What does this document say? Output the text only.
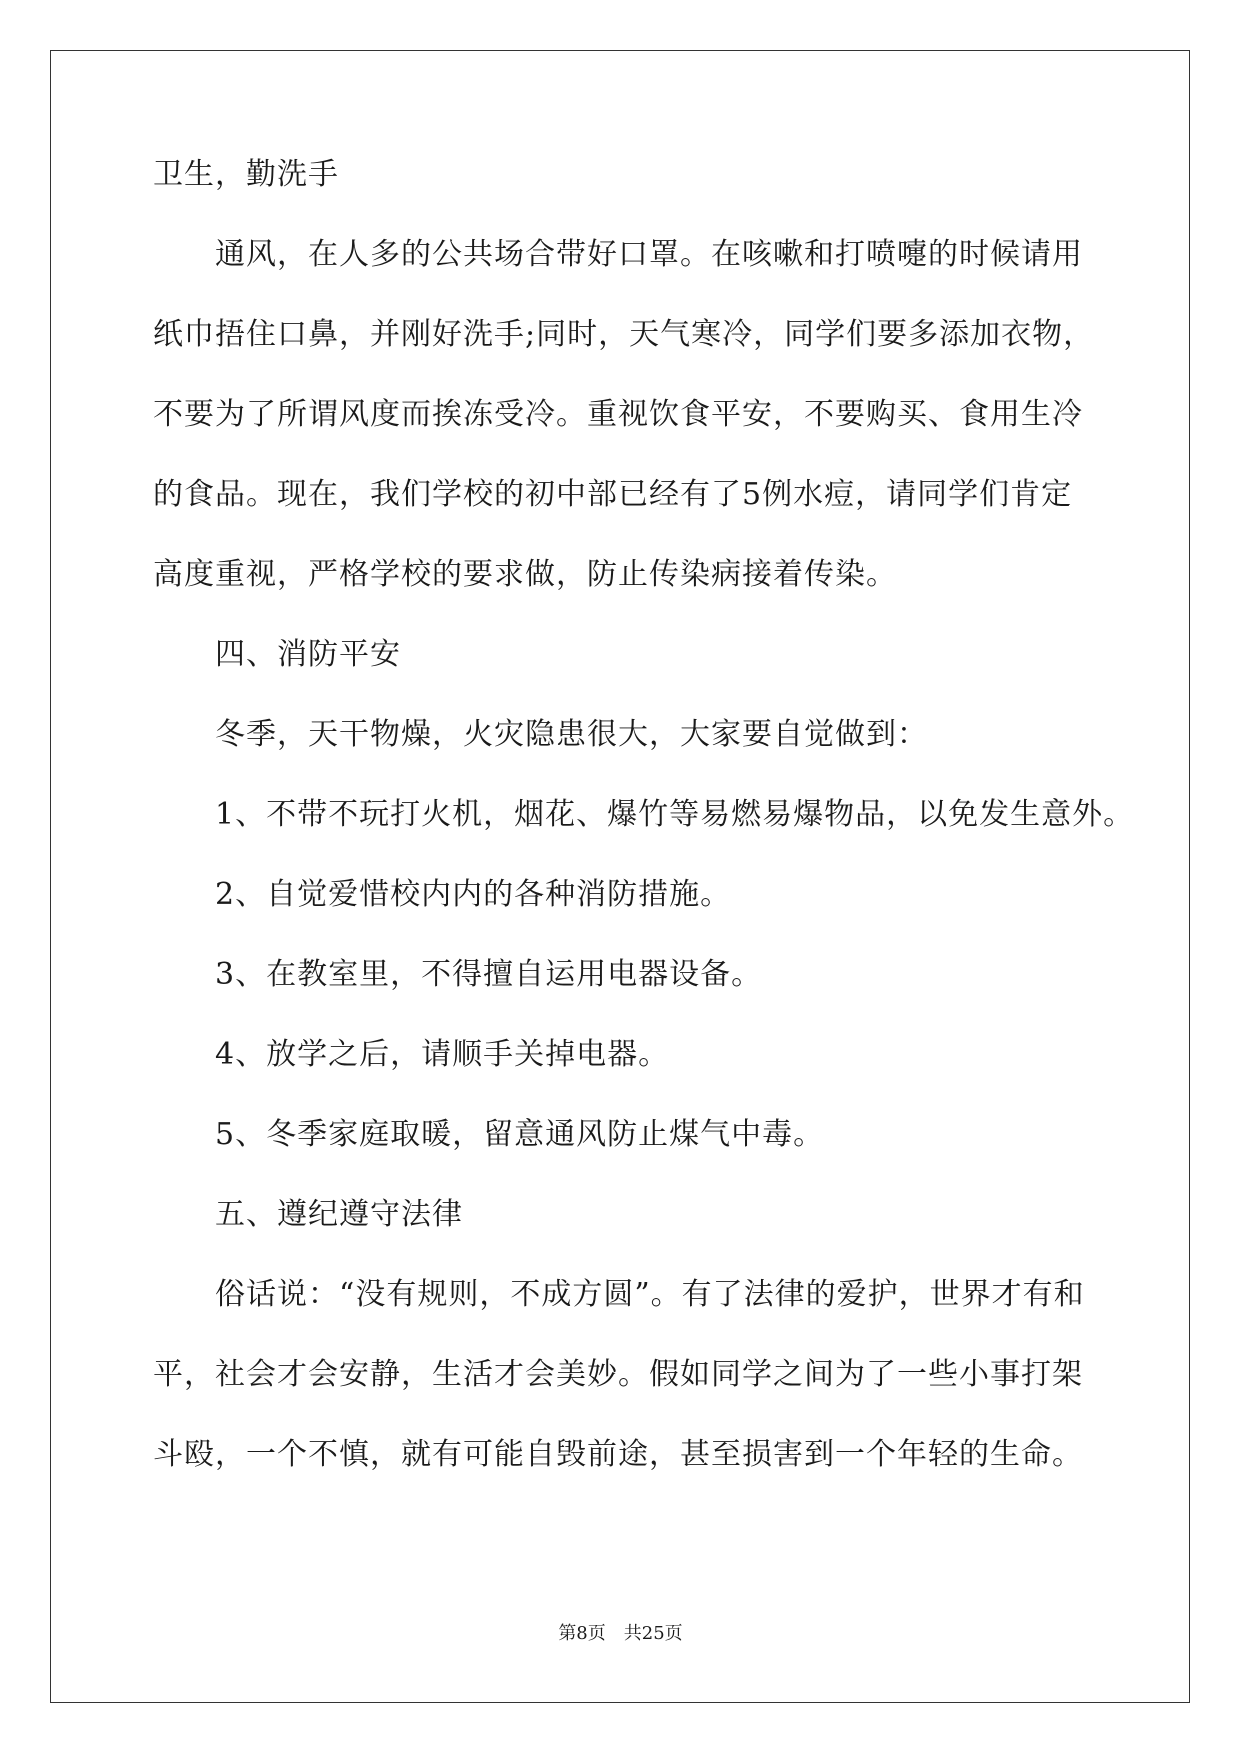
卫生，勤洗手
通风，在人多的公共场合带好口罩。在咳嗽和打喷嚏的时候请用
纸巾捂住口鼻，并刚好洗手;同时，天气寒冷，同学们要多添加衣物，
不要为了所谓风度而挨冻受冷。重视饮食平安，不要购买、食用生冷
的食品。现在，我们学校的初中部已经有了5例水痘，请同学们肯定
高度重视，严格学校的要求做，防止传染病接着传染。
四、消防平安
冬季，天干物燥，火灾隐患很大，大家要自觉做到：
1、不带不玩打火机，烟花、爆竹等易燃易爆物品，以免发生意外。
2、自觉爱惜校内内的各种消防措施。
3、在教室里，不得擅自运用电器设备。
4、放学之后，请顺手关掉电器。
5、冬季家庭取暖，留意通风防止煤气中毒。
五、遵纪遵守法律
俗话说：“没有规则，不成方圆”。有了法律的爱护，世界才有和
平，社会才会安静，生活才会美妙。假如同学之间为了一些小事打架
斗殴，一个不慎，就有可能自毁前途，甚至损害到一个年轻的生命。
第8页　共25页
